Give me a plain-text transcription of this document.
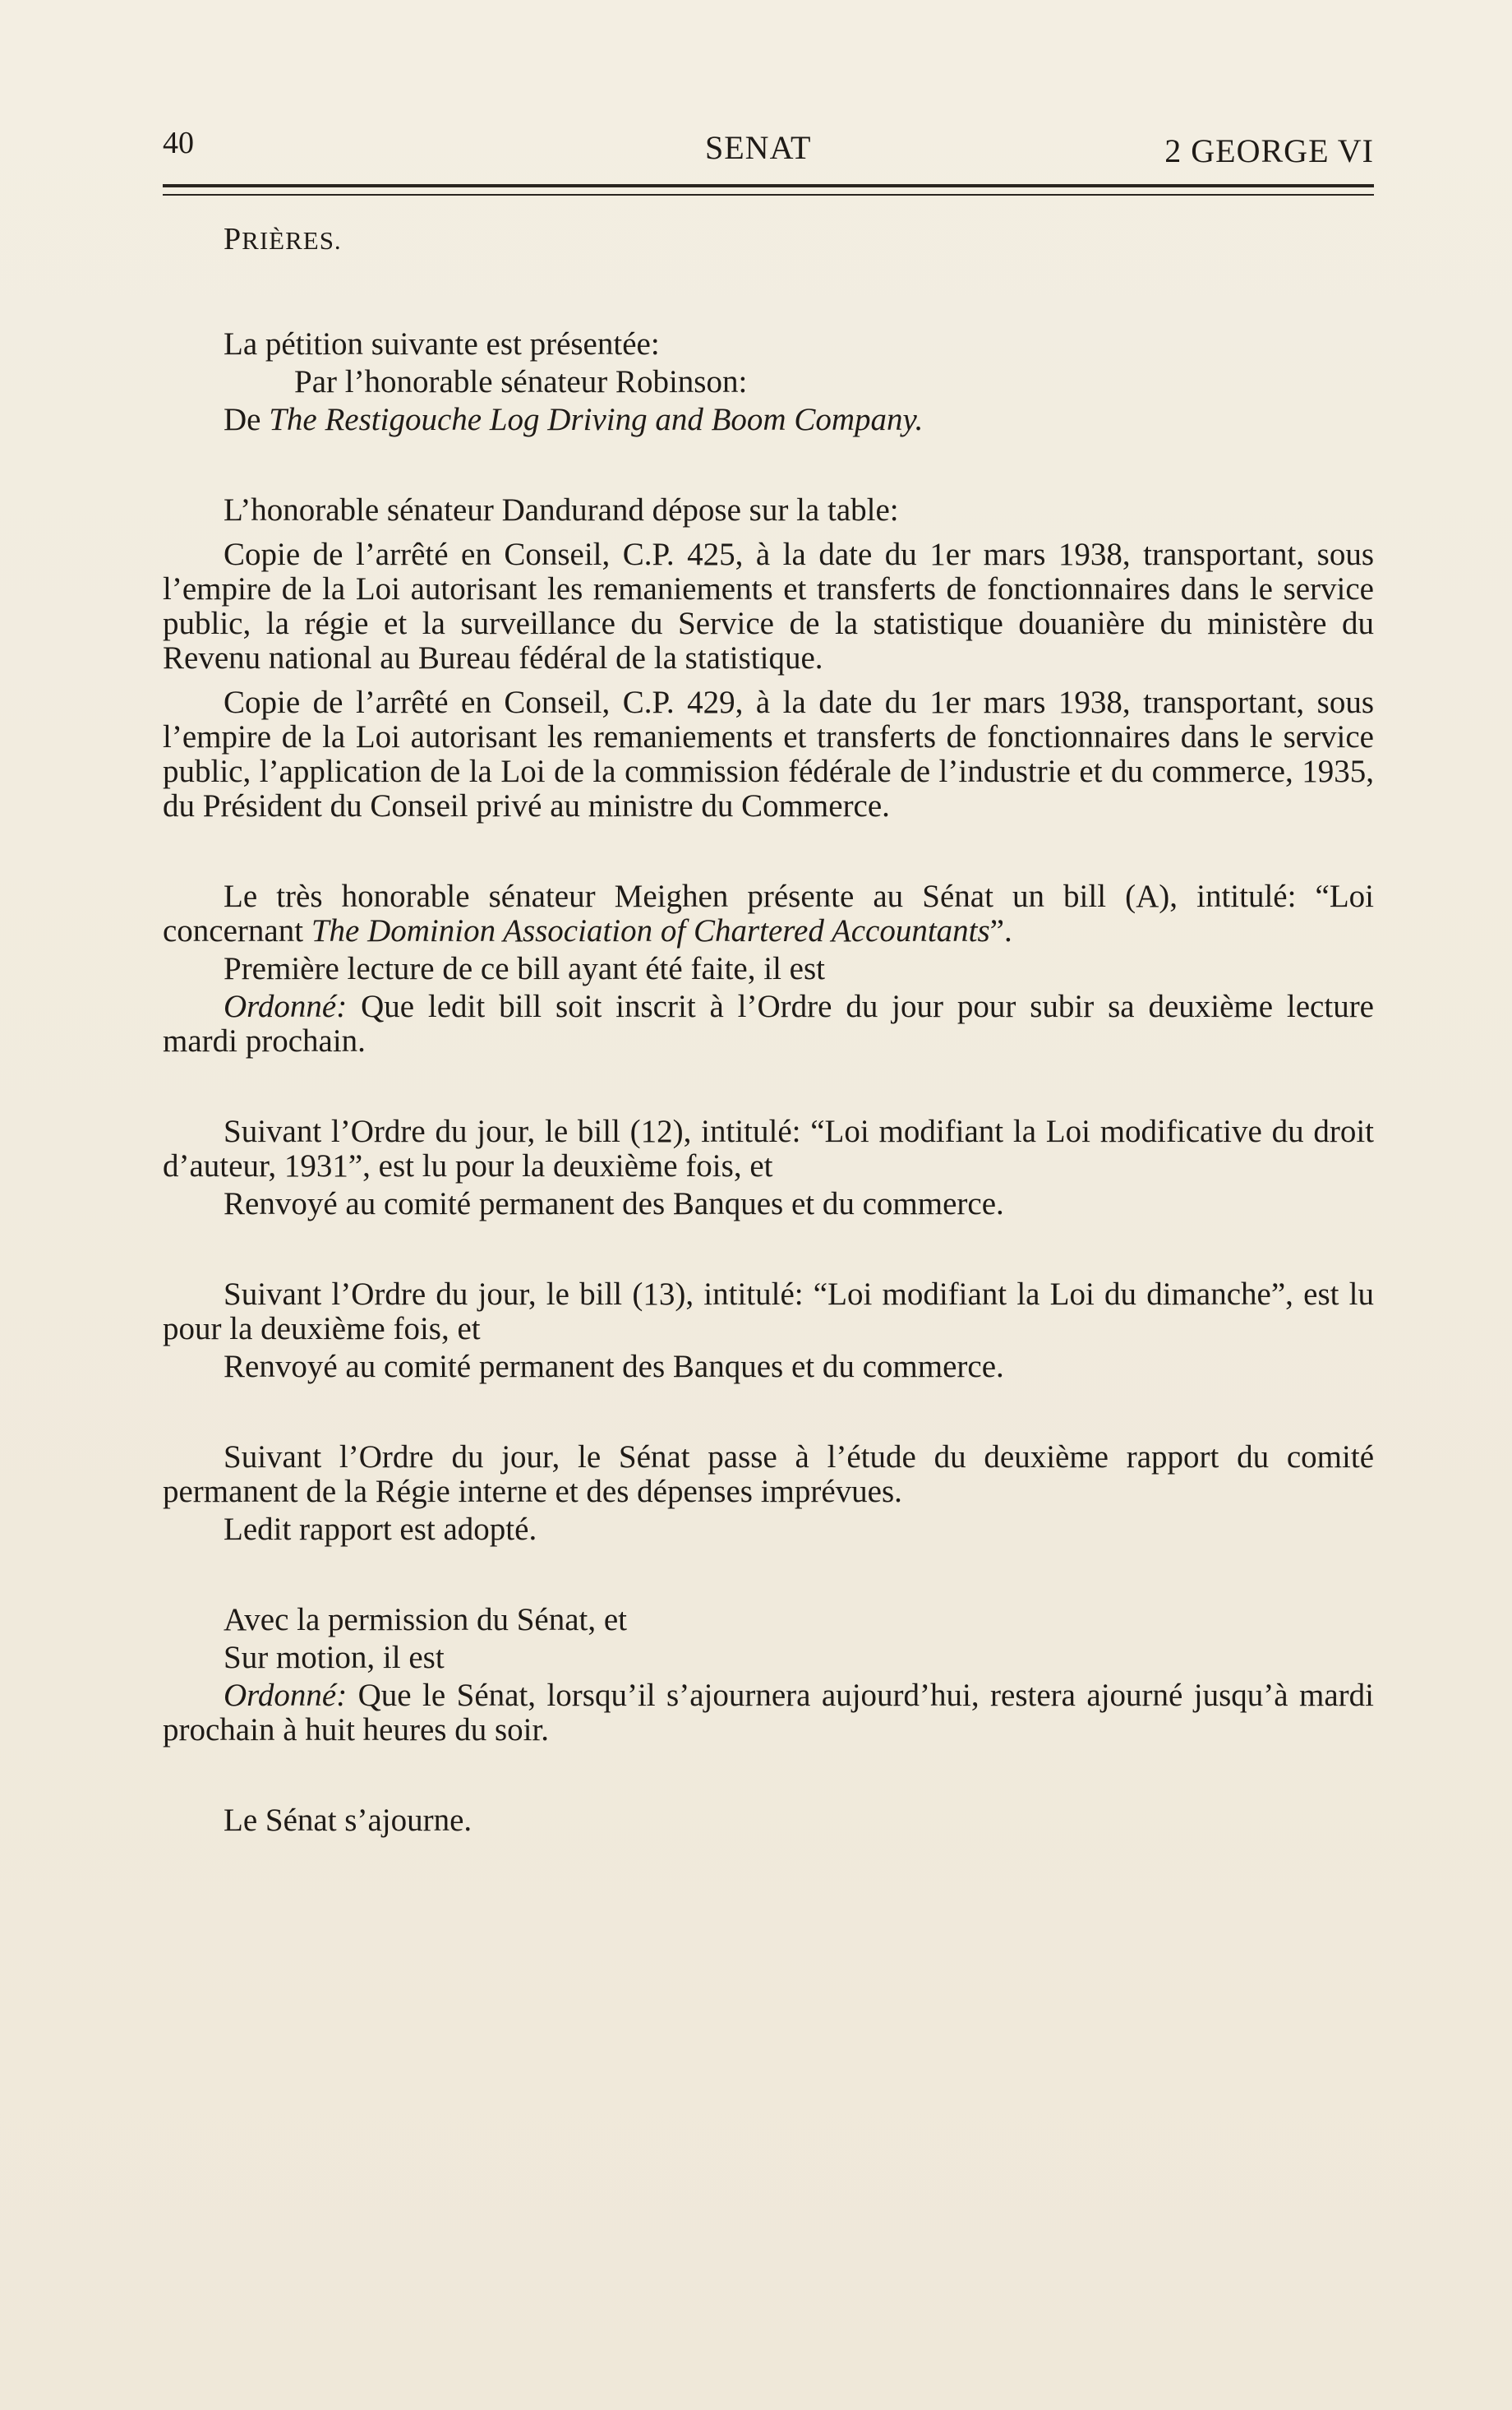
40	SENAT	2 GEORGE VI
PRIÈRES.

La pétition suivante est présentée:

Par l’honorable sénateur Robinson:

De The Restigouche Log Driving and Boom Company.

L’honorable sénateur Dandurand dépose sur la table:

Copie de l’arrêté en Conseil, C.P. 425, à la date du 1er mars 1938, transportant, sous l’empire de la Loi autorisant les remaniements et transferts de fonctionnaires dans le service public, la régie et la surveillance du Service de la statistique douanière du ministère du Revenu national au Bureau fédéral de la statistique.

Copie de l’arrêté en Conseil, C.P. 429, à la date du 1er mars 1938, transportant, sous l’empire de la Loi autorisant les remaniements et transferts de fonctionnaires dans le service public, l’application de la Loi de la commission fédérale de l’industrie et du commerce, 1935, du Président du Conseil privé au ministre du Commerce.

Le très honorable sénateur Meighen présente au Sénat un bill (A), intitulé: “Loi concernant The Dominion Association of Chartered Accountants”.

Première lecture de ce bill ayant été faite, il est

Ordonné: Que ledit bill soit inscrit à l’Ordre du jour pour subir sa deuxième lecture mardi prochain.

Suivant l’Ordre du jour, le bill (12), intitulé: “Loi modifiant la Loi modificative du droit d’auteur, 1931”, est lu pour la deuxième fois, et

Renvoyé au comité permanent des Banques et du commerce.

Suivant l’Ordre du jour, le bill (13), intitulé: “Loi modifiant la Loi du dimanche”, est lu pour la deuxième fois, et

Renvoyé au comité permanent des Banques et du commerce.

Suivant l’Ordre du jour, le Sénat passe à l’étude du deuxième rapport du comité permanent de la Régie interne et des dépenses imprévues.

Ledit rapport est adopté.

Avec la permission du Sénat, et

Sur motion, il est

Ordonné: Que le Sénat, lorsqu’il s’ajournera aujourd’hui, restera ajourné jusqu’à mardi prochain à huit heures du soir.

Le Sénat s’ajourne.
